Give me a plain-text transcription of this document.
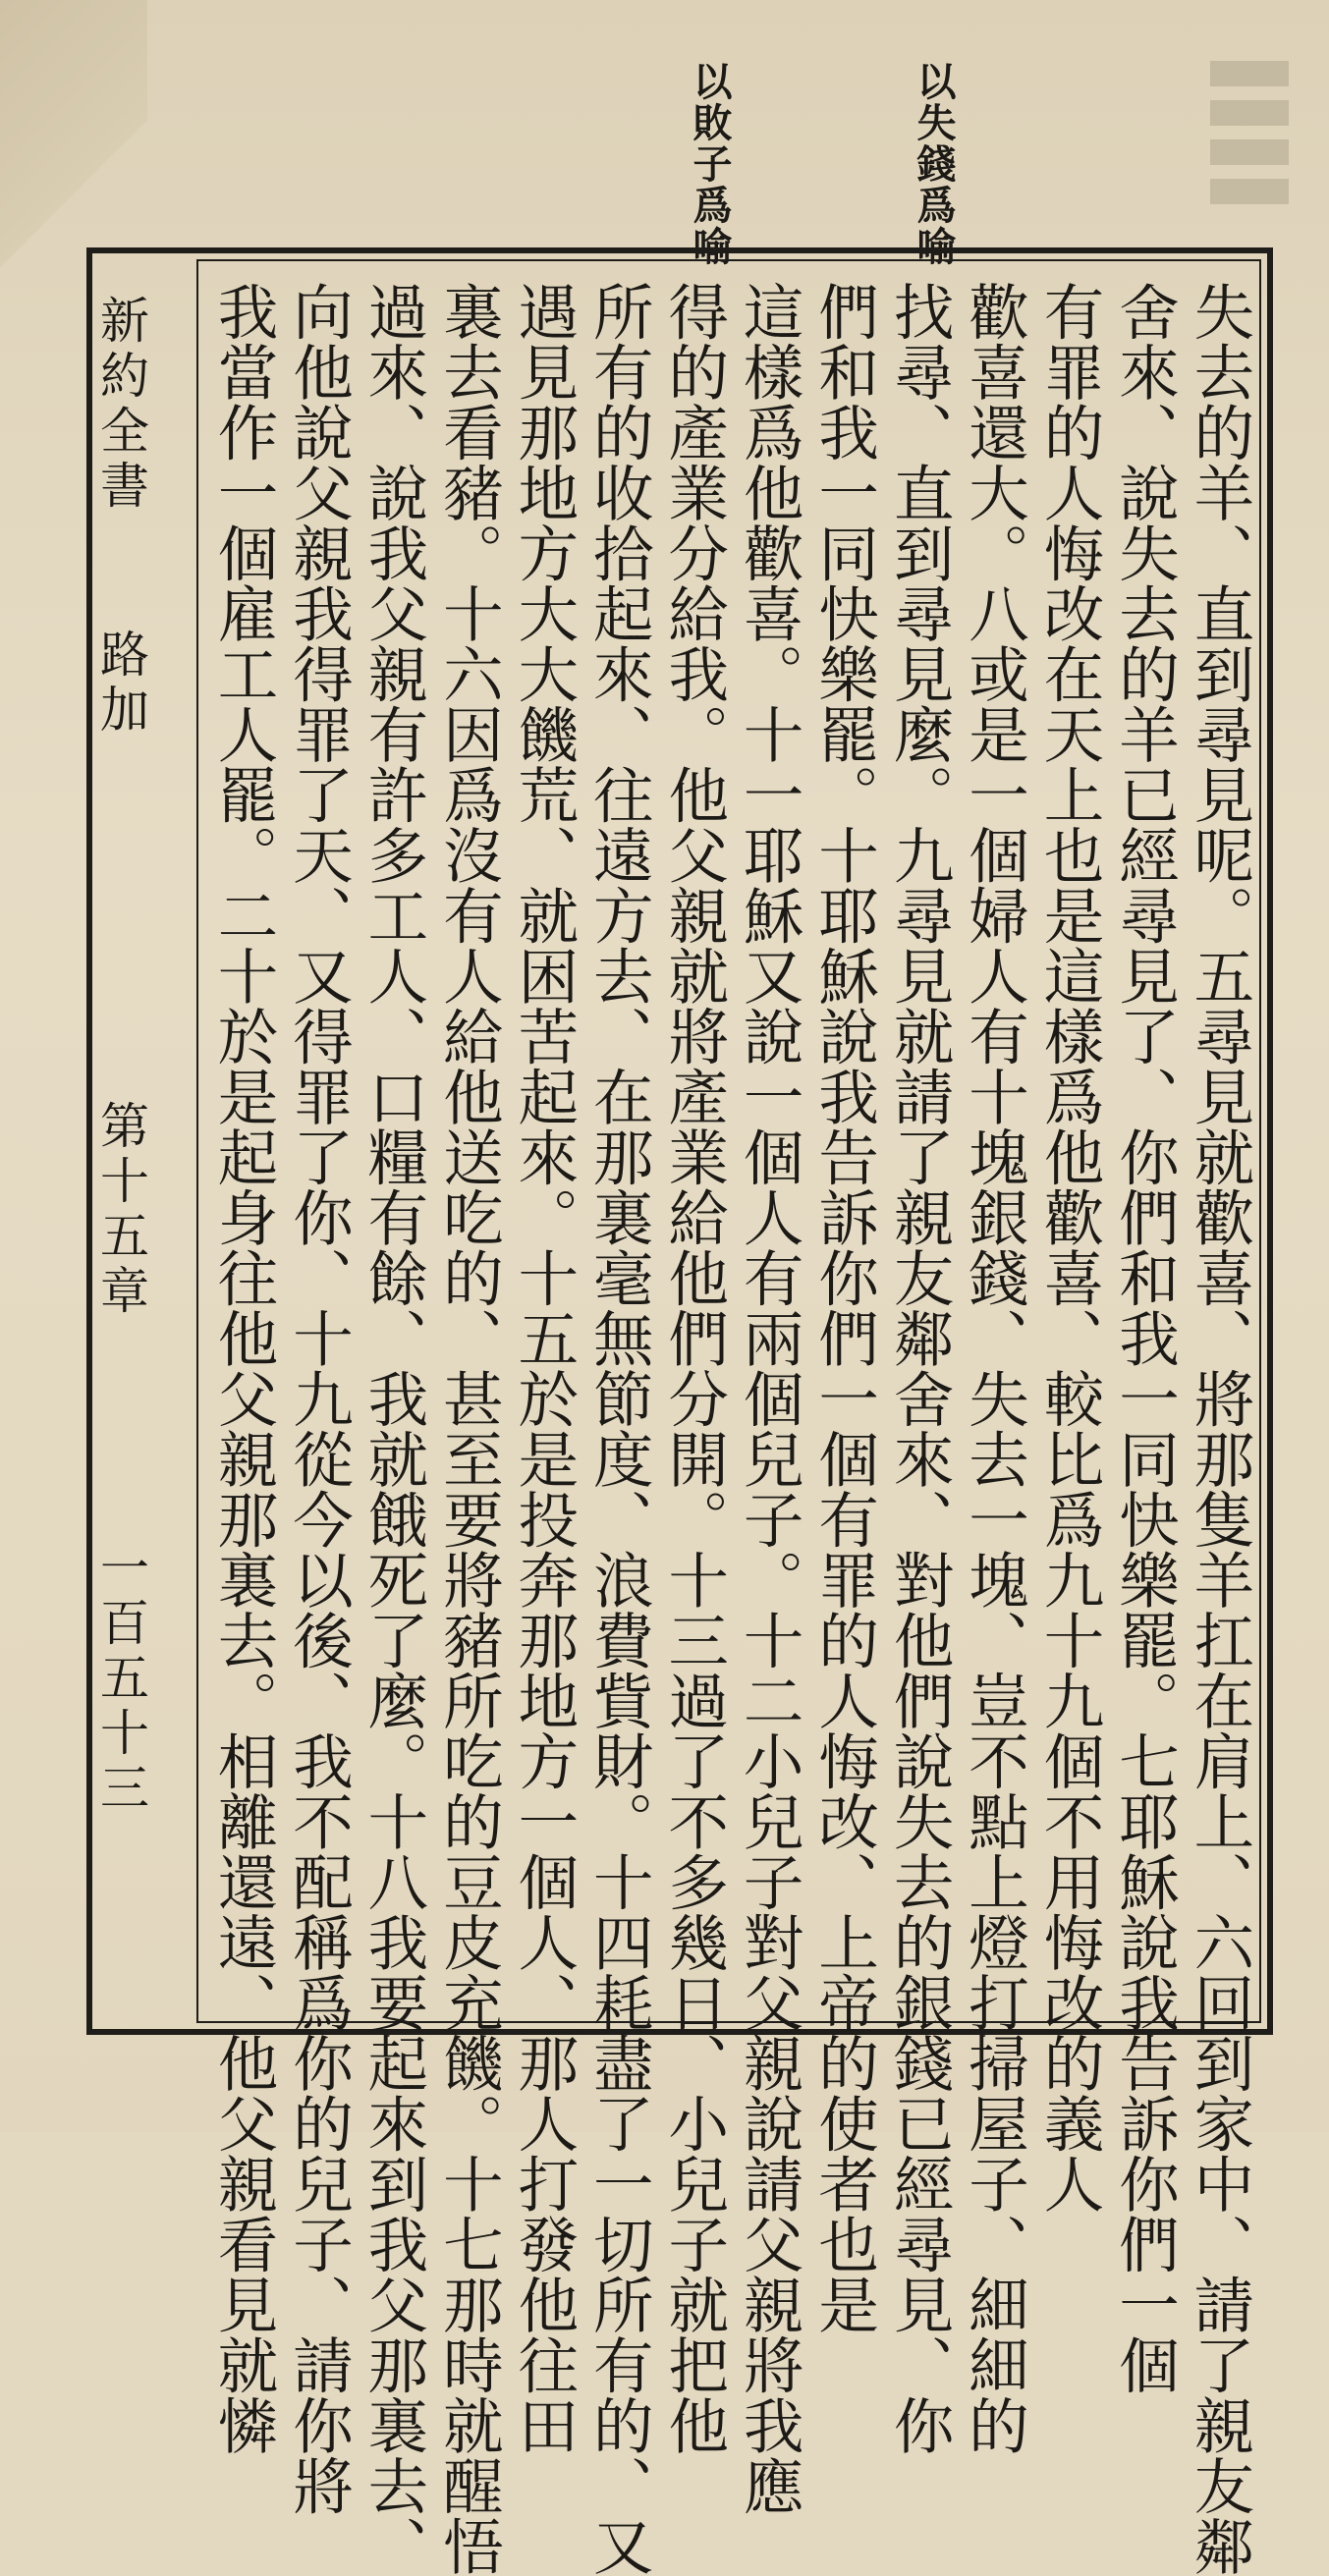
以失錢爲喻
以敗子爲喻
新約全書
路加
第十五章
一百五十三	失去的羊、直到尋見呢。五尋見就歡喜、將那隻羊扛在肩上、六回到家中、請了親友鄰
舍來、說失去的羊已經尋見了、你們和我一同快樂罷。七耶穌說我告訴你們一個
有罪的人悔改在天上也是這樣爲他歡喜、較比爲九十九個不用悔改的義人
歡喜還大。八或是一個婦人有十塊銀錢、失去一塊、豈不點上燈打掃屋子、細細的
找尋、直到尋見麼。九尋見就請了親友鄰舍來、對他們說失去的銀錢已經尋見、你
們和我一同快樂罷。十耶穌說我告訴你們一個有罪的人悔改、上帝的使者也是
這樣爲他歡喜。十一耶穌又說一個人有兩個兒子。十二小兒子對父親說請父親將我應
得的產業分給我。他父親就將產業給他們分開。十三過了不多幾日、小兒子就把他
所有的收拾起來、往遠方去、在那裏毫無節度、浪費貲財。十四耗盡了一切所有的、又
遇見那地方大大饑荒、就困苦起來。十五於是投奔那地方一個人、那人打發他往田
裏去看豬。十六因爲沒有人給他送吃的、甚至要將豬所吃的豆皮充饑。十七那時就醒悟
過來、說我父親有許多工人、口糧有餘、我就餓死了麼。十八我要起來到我父那裏去、
向他說父親我得罪了天、又得罪了你、十九從今以後、我不配稱爲你的兒子、請你將
我當作一個雇工人罷。二十於是起身往他父親那裏去。相離還遠、他父親看見就憐
